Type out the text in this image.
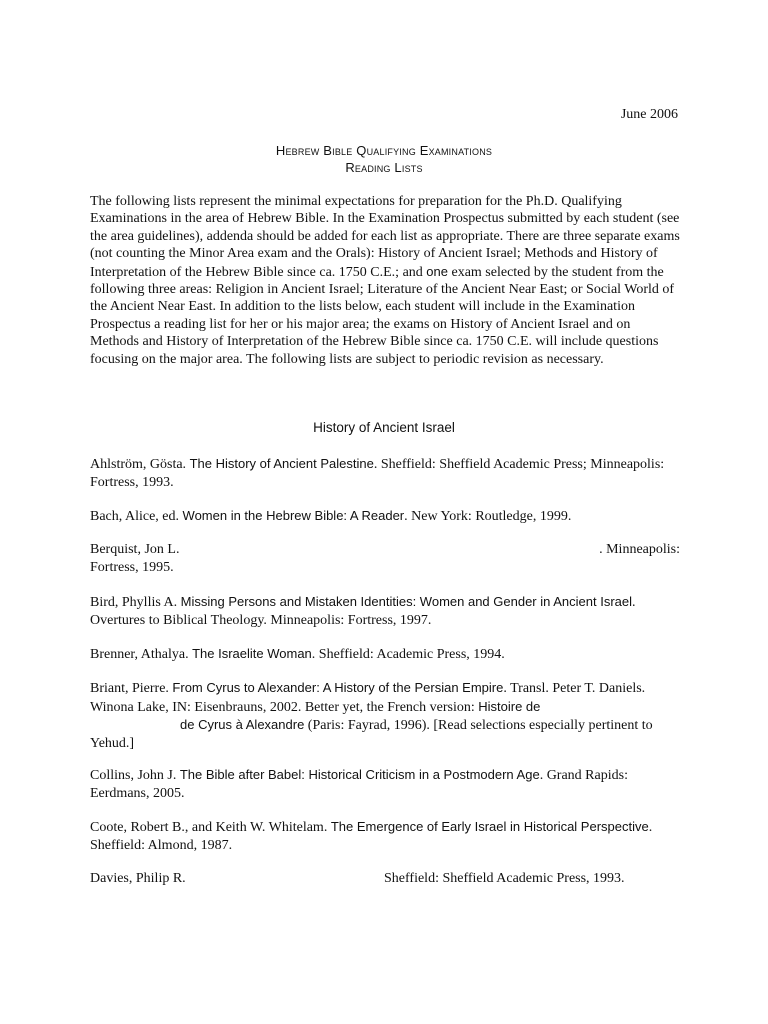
June 2006
Hebrew Bible Qualifying Examinations
Reading Lists

The following lists represent the minimal expectations for preparation for the Ph.D. Qualifying Examinations in the area of Hebrew Bible. In the Examination Prospectus submitted by each student (see the area guidelines), addenda should be added for each list as appropriate. There are three separate exams (not counting the Minor Area exam and the Orals): History of Ancient Israel; Methods and History of Interpretation of the Hebrew Bible since ca. 1750 C.E.; and one exam selected by the student from the following three areas: Religion in Ancient Israel; Literature of the Ancient Near East; or Social World of the Ancient Near East. In addition to the lists below, each student will include in the Examination Prospectus a reading list for her or his major area; the exams on History of Ancient Israel and on Methods and History of Interpretation of the Hebrew Bible since ca. 1750 C.E. will include questions focusing on the major area. The following lists are subject to periodic revision as necessary.

History of Ancient Israel

Ahlström, Gösta. The History of Ancient Palestine. Sheffield: Sheffield Academic Press; Minneapolis: Fortress, 1993.

Bach, Alice, ed. Women in the Hebrew Bible: A Reader. New York: Routledge, 1999.

. Minneapolis:
Berquist, Jon L.
Fortress, 1995.

Bird, Phyllis A. Missing Persons and Mistaken Identities: Women and Gender in Ancient Israel. Overtures to Biblical Theology. Minneapolis: Fortress, 1997.

Brenner, Athalya. The Israelite Woman. Sheffield: Academic Press, 1994.

Briant, Pierre. From Cyrus to Alexander: A History of the Persian Empire. Transl. Peter T. Daniels. Winona Lake, IN: Eisenbrauns, 2002. Better yet, the French version: Histoire de
de Cyrus à Alexandre (Paris: Fayrad, 1996). [Read selections especially pertinent to Yehud.]

Collins, John J. The Bible after Babel: Historical Criticism in a Postmodern Age. Grand Rapids: Eerdmans, 2005.

Coote, Robert B., and Keith W. Whitelam. The Emergence of Early Israel in Historical Perspective. Sheffield: Almond, 1987.

Davies, Philip R.	Sheffield: Sheffield Academic Press, 1993.
